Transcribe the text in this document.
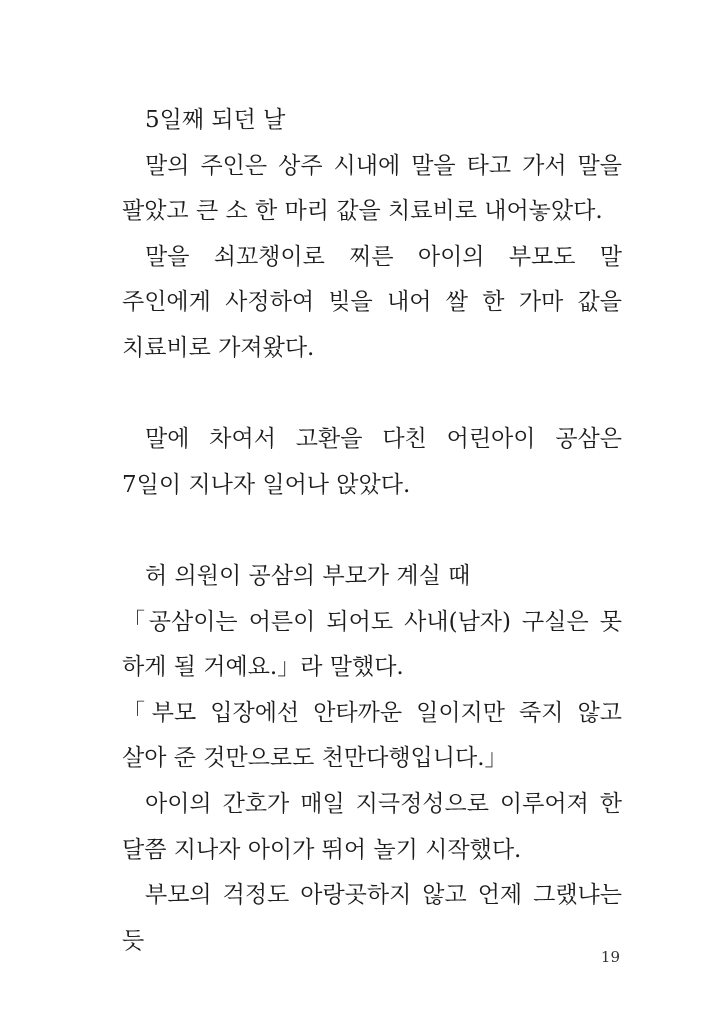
5일째 되던 날

말의 주인은 상주 시내에 말을 타고 가서 말을 팔았고 큰 소 한 마리 값을 치료비로 내어놓았다.

말을 쇠꼬챙이로 찌른 아이의 부모도 말 주인에게 사정하여 빚을 내어 쌀 한 가마 값을 치료비로 가져왔다.

말에 차여서 고환을 다친 어린아이 공삼은 7일이 지나자 일어나 앉았다.

허 의원이 공삼의 부모가 계실 때

「공삼이는 어른이 되어도 사내(남자) 구실은 못 하게 될 거예요.」라 말했다.

「부모 입장에선 안타까운 일이지만 죽지 않고 살아 준 것만으로도 천만다행입니다.」

아이의 간호가 매일 지극정성으로 이루어져 한 달쯤 지나자 아이가 뛰어 놀기 시작했다.

부모의 걱정도 아랑곳하지 않고 언제 그랬냐는 듯

19
